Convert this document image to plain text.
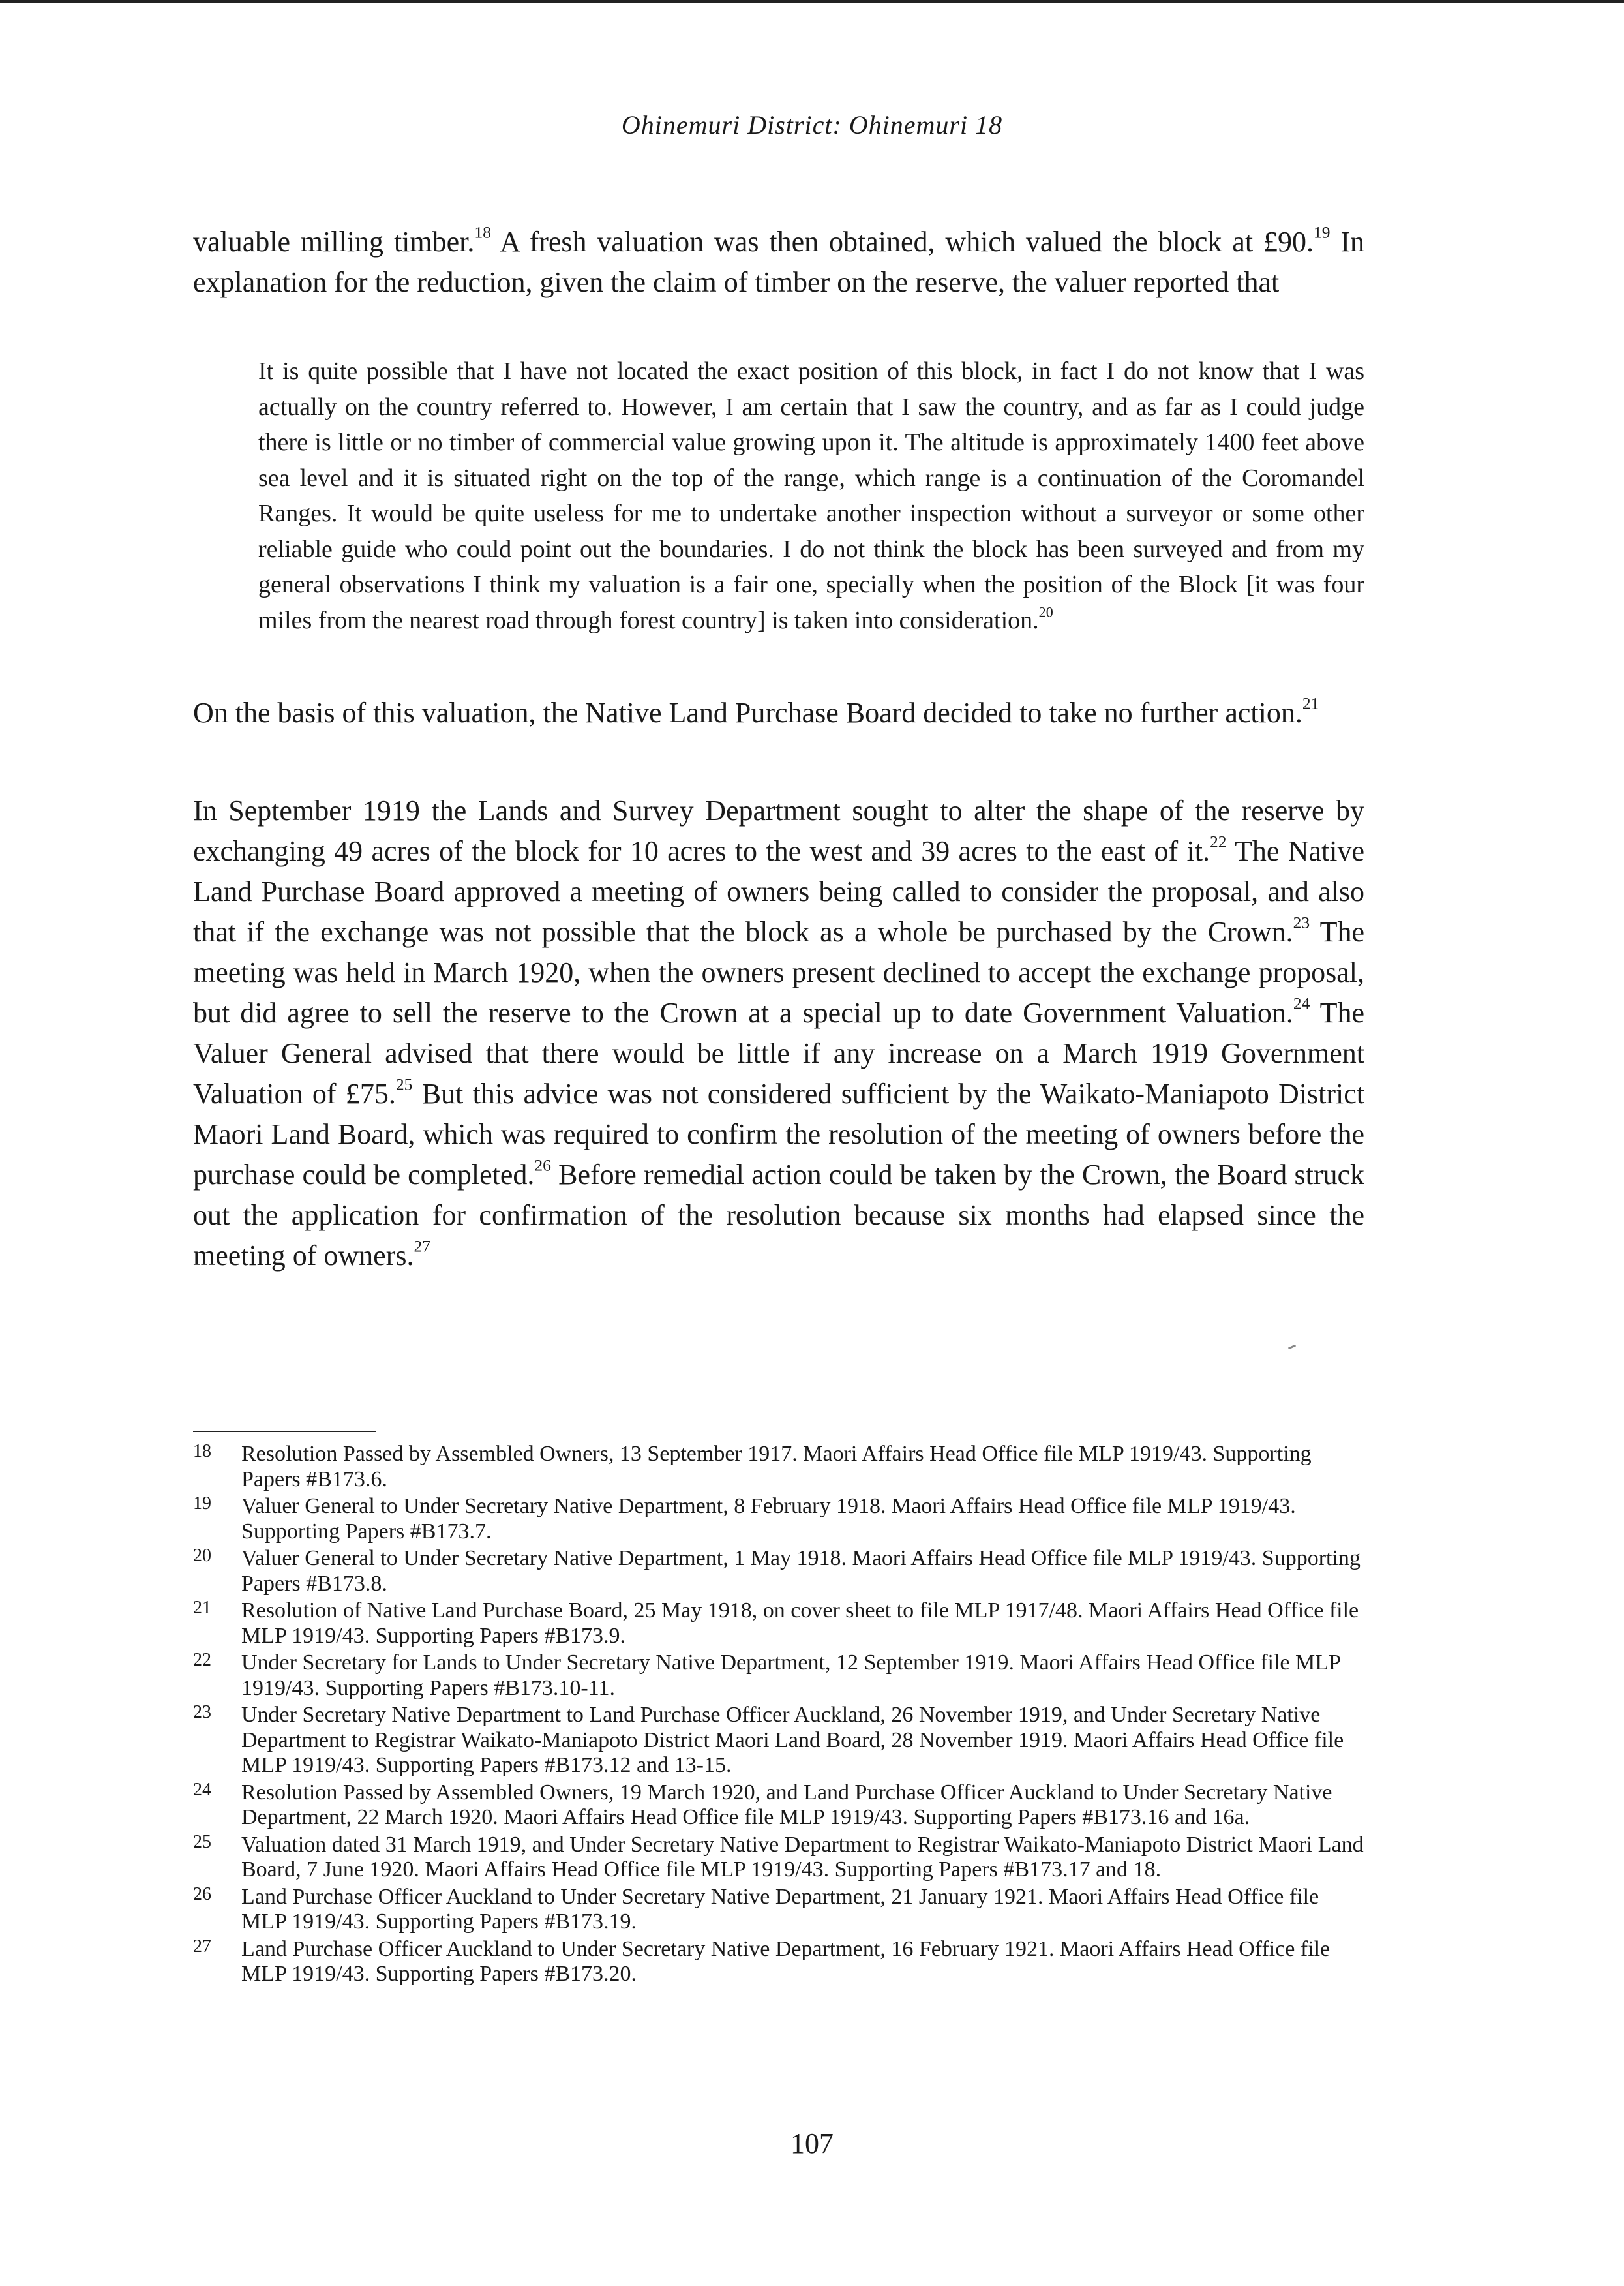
Ohinemuri District: Ohinemuri 18

valuable milling timber.$^{18}$ A fresh valuation was then obtained, which valued the block at £90.19 In explanation for the reduction, given the claim of timber on the reserve, the valuer reported that

It is quite possible that I have not located the exact position of this block, in fact I do not know that I was actually on the country referred to. However, I am certain that I saw the country, and as far as I could judge there is little or no timber of commercial value growing upon it. The altitude is approximately 1400 feet above sea level and it is situated right on the top of the range, which range is a continuation of the Coromandel Ranges. It would be quite useless for me to undertake another inspection without a surveyor or some other reliable guide who could point out the boundaries. I do not think the block has been surveyed and from my general observations I think my valuation is a fair one, specially when the position of the Block [it was four miles from the nearest road through forest country] is taken into consideration.$^{20}$

On the basis of this valuation, the Native Land Purchase Board decided to take no further action.$^{21}$

In September 1919 the Lands and Survey Department sought to alter the shape of the reserve by exchanging 49 acres of the block for 10 acres to the west and 39 acres to the east of it.$^{22}$ The Native Land Purchase Board approved a meeting of owners being called to consider the proposal, and also that if the exchange was not possible that the block as a whole be purchased by the Crown.$^{23}$ The meeting was held in March 1920, when the owners present declined to accept the exchange proposal, but did agree to sell the reserve to the Crown at a special up to date Government Valuation.$^{24}$ The Valuer General advised that there would be little if any increase on a March 1919 Government Valuation of £75.25 But this advice was not considered sufficient by the Waikato-Maniapoto District Maori Land Board, which was required to confirm the resolution of the meeting of owners before the purchase could be completed.$^{26}$ Before remedial action could be taken by the Crown, the Board struck out the application for confirmation of the resolution because six months had elapsed since the meeting of owners.$^{27}$

18	Resolution Passed by Assembled Owners, 13 September 1917. Maori Affairs Head Office file MLP 1919/43. Supporting Papers #B173.6.
19	Valuer General to Under Secretary Native Department, 8 February 1918. Maori Affairs Head Office file MLP 1919/43. Supporting Papers #B173.7.
20	Valuer General to Under Secretary Native Department, 1 May 1918. Maori Affairs Head Office file MLP 1919/43. Supporting Papers #B173.8.
21	Resolution of Native Land Purchase Board, 25 May 1918, on cover sheet to file MLP 1917/48. Maori Affairs Head Office file MLP 1919/43. Supporting Papers #B173.9.
22	Under Secretary for Lands to Under Secretary Native Department, 12 September 1919. Maori Affairs Head Office file MLP 1919/43. Supporting Papers #B173.10-11.
23	Under Secretary Native Department to Land Purchase Officer Auckland, 26 November 1919, and Under Secretary Native Department to Registrar Waikato-Maniapoto District Maori Land Board, 28 November 1919. Maori Affairs Head Office file MLP 1919/43. Supporting Papers #B173.12 and 13-15.
24	Resolution Passed by Assembled Owners, 19 March 1920, and Land Purchase Officer Auckland to Under Secretary Native Department, 22 March 1920. Maori Affairs Head Office file MLP 1919/43. Supporting Papers #B173.16 and 16a.
25	Valuation dated 31 March 1919, and Under Secretary Native Department to Registrar Waikato-Maniapoto District Maori Land Board, 7 June 1920. Maori Affairs Head Office file MLP 1919/43. Supporting Papers #B173.17 and 18.
26	Land Purchase Officer Auckland to Under Secretary Native Department, 21 January 1921. Maori Affairs Head Office file MLP 1919/43. Supporting Papers #B173.19.
27	Land Purchase Officer Auckland to Under Secretary Native Department, 16 February 1921. Maori Affairs Head Office file MLP 1919/43. Supporting Papers #B173.20.
107
